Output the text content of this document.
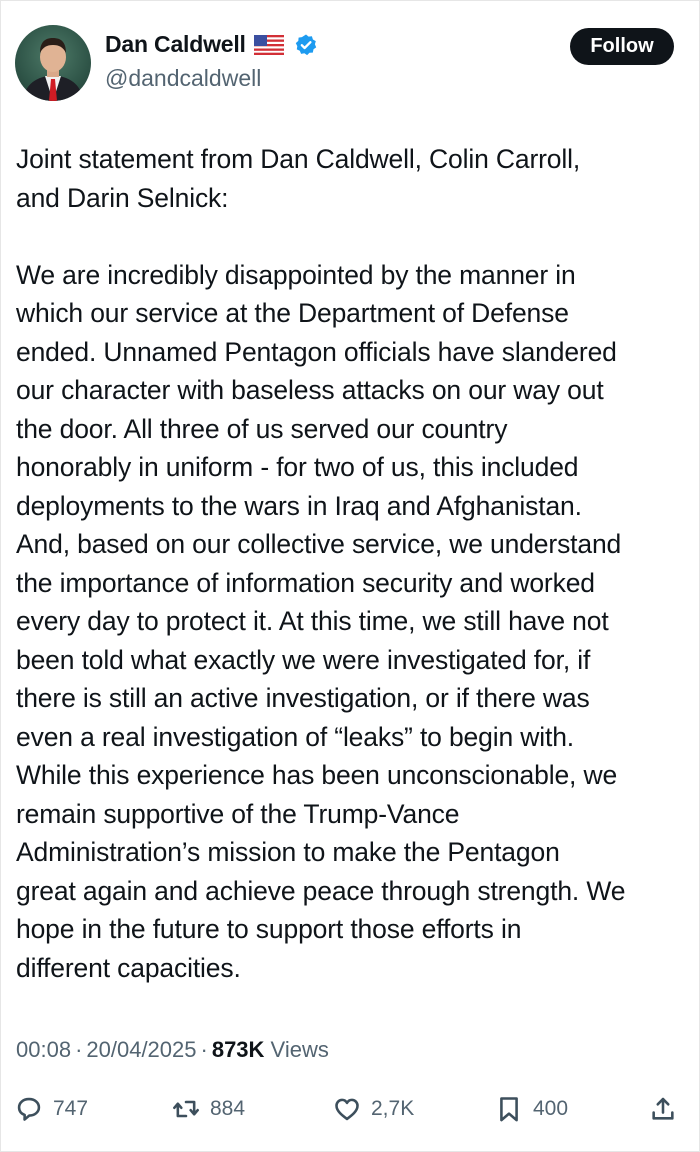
Dan Caldwell
@dandcaldwell
Follow
Joint statement from Dan Caldwell, Colin Carroll,
and Darin Selnick:
We are incredibly disappointed by the manner in
which our service at the Department of Defense
ended. Unnamed Pentagon officials have slandered
our character with baseless attacks on our way out
the door. All three of us served our country
honorably in uniform - for two of us, this included
deployments to the wars in Iraq and Afghanistan.
And, based on our collective service, we understand
the importance of information security and worked
every day to protect it. At this time, we still have not
been told what exactly we were investigated for, if
there is still an active investigation, or if there was
even a real investigation of “leaks” to begin with.
While this experience has been unconscionable, we
remain supportive of the Trump-Vance
Administration’s mission to make the Pentagon
great again and achieve peace through strength. We
hope in the future to support those efforts in
different capacities.
00:08 · 20/04/2025 · 873K Views
747	884	2,7K	400
